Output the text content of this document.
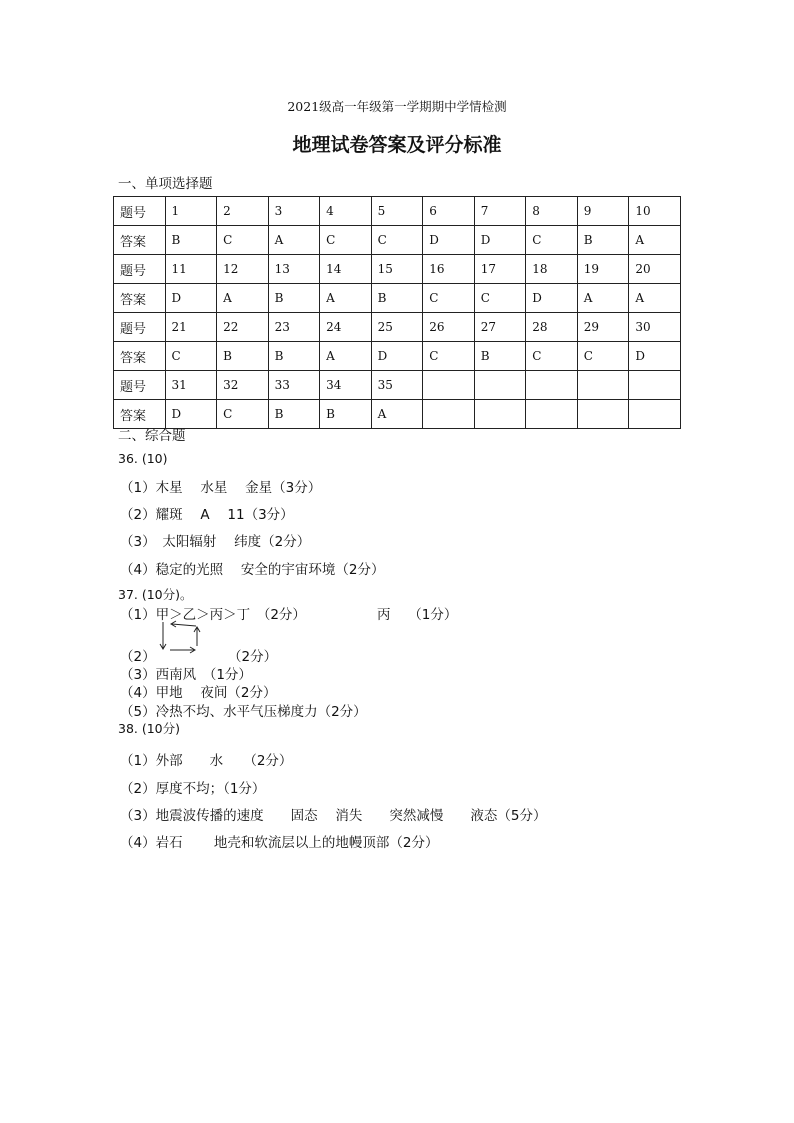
2021级高一年级第一学期期中学情检测
地理试卷答案及评分标准
一、单项选择题
题号	1	2	3	4	5	6	7	8	9	10
答案	B	C	A	C	C	D	D	C	B	A
题号	11	12	13	14	15	16	17	18	19	20
答案	D	A	B	A	B	C	C	D	A	A
题号	21	22	23	24	25	26	27	28	29	30
答案	C	B	B	A	D	C	B	C	C	D
题号	31	32	33	34	35					
答案	D	C	B	B	A					
二、综合题
36. (10)
（1）木星　 水星　 金星（3分）
（2）耀斑　 A　 11（3分）
（3）　太阳辐射　 纬度（2分）
（4）稳定的光照　 安全的宇宙环境（2分）
37. (10分)。
（1）甲＞乙＞丙＞丁　（2分）	丙　 （1分）
（2）	（2分）
（3）西南风　（1分）
（4）甲地　 夜间（2分）
（5）冷热不均、水平气压梯度力（2分）
38. (10分)
（1）外部　　水　　（2分）
（2）厚度不均；（1分）
（3）地震波传播的速度　　固态　 消失　　突然减慢　　液态（5分）
（4）岩石　　 地壳和软流层以上的地幔顶部（2分）
